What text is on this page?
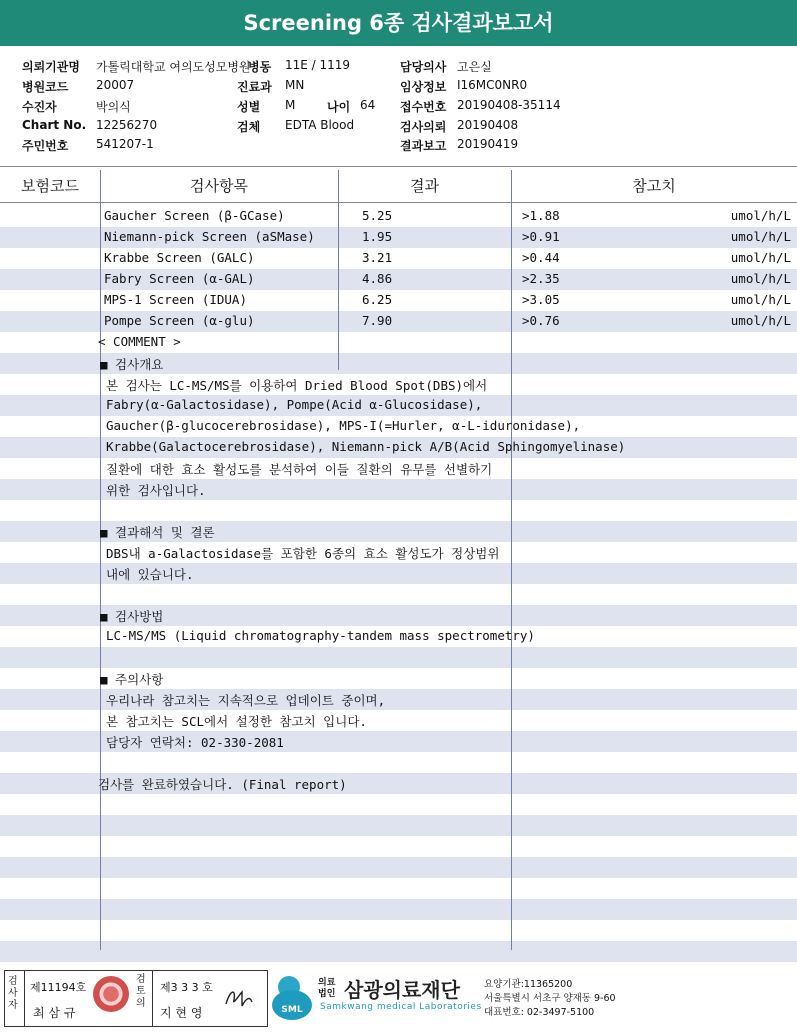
Screening 6종 검사결과보고서
의뢰기관명 가톨릭대학교 여의도성모병원
병동 11E / 1119	담당의사 고은실
병원코드 20007	진료과 MN	임상정보 I16MC0NR0
수진자	박의식	성별 M	나이 64 접수번호 20190408-35114
Chart No. 12256270	검체 EDTA Blood	검사의뢰 20190408
주민번호 541207-1	결과보고 20190419
보험코드	검사항목	결과	참고치
Gaucher Screen (β-GCase)	5.25	>1.88	umol/h/L
Niemann-pick Screen (aSMase)	1.95	>0.91	umol/h/L
Krabbe Screen (GALC)	3.21	>0.44	umol/h/L
Fabry Screen (α-GAL)	4.86	>2.35	umol/h/L
MPS-1 Screen (IDUA)	6.25	>3.05	umol/h/L
Pompe Screen (α-glu)	7.90	>0.76	umol/h/L
< COMMENT >
■ 검사개요
본 검사는 LC-MS/MS를 이용하여 Dried Blood Spot(DBS)에서
Fabry(α-Galactosidase), Pompe(Acid α-Glucosidase),
Gaucher(β-glucocerebrosidase), MPS-I(=Hurler, α-L-iduronidase),
Krabbe(Galactocerebrosidase), Niemann-pick A/B(Acid Sphingomyelinase)
질환에 대한 효소 활성도를 분석하여 이들 질환의 유무를 선별하기
위한 검사입니다.
■ 결과해석 및 결론
DBS내 a-Galactosidase를 포함한 6종의 효소 활성도가 정상범위
내에 있습니다.
■ 검사방법
LC-MS/MS (Liquid chromatography-tandem mass spectrometry)
■ 주의사항
우리나라 참고치는 지속적으로 업데이트 중이며,
본 참고치는 SCL에서 설정한 참고치 입니다.
담당자 연락처: 02-330-2081
검사를 완료하였습니다. (Final report)
검사자
제11194호
최 삼 규
검토의
제3 3 3 호
지 현 영	SML
의료법인 삼광의료재단
Samkwang medical Laboratories
요양기관:11365200
서울특별시 서초구 양재동 9-60
대표번호: 02-3497-5100
